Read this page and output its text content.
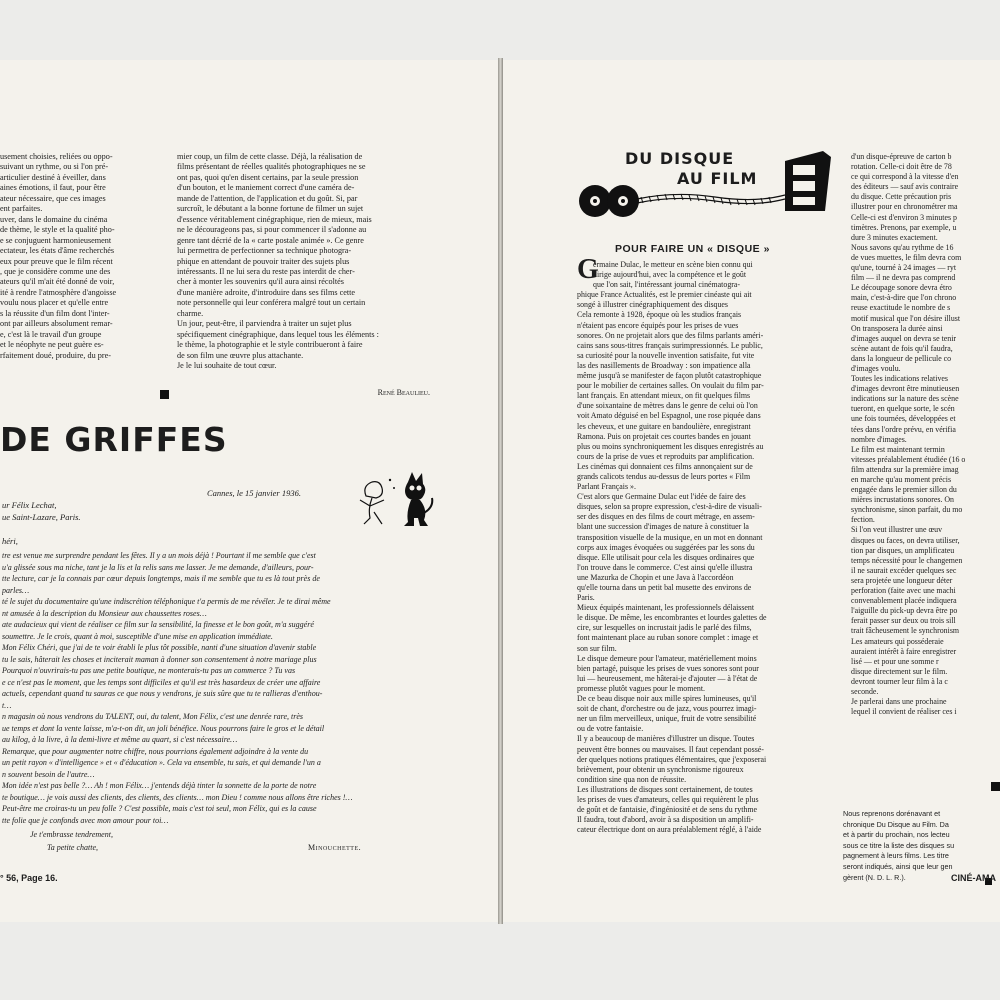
usement choisies, reliées ou oppo-
suivant un rythme, ou si l'on pré-
articulier destiné à éveiller, dans
aines émotions, il faut, pour être
ateur nécessaire, que ces images
ent parfaites.
uver, dans le domaine du cinéma
de thème, le style et la qualité pho-
e se conjuguent harmonieusement
ectateur, les états d'âme recherchés
eux pour preuve que le film récent
, que je considère comme une des
ateurs qu'il m'ait été donné de voir,
ité à rendre l'atmosphère d'angoisse
voulu nous placer et qu'elle entre
s la réussite d'un film dont l'inter-
ont par ailleurs absolument remar-
e, c'est là le travail d'un groupe
et le néophyte ne peut guère es-
rfaitement doué, produire, du pre-
mier coup, un film de cette classe. Déjà, la réalisation de
films présentant de réelles qualités photographiques ne se
ont pas, quoi qu'en disent certains, par la seule pression
d'un bouton, et le maniement correct d'une caméra de-
mande de l'attention, de l'application et du goût. Si, par
surcroît, le débutant a la bonne fortune de filmer un sujet
d'essence véritablement cinégraphique, rien de mieux, mais
ne le décourageons pas, si pour commencer il s'adonne au
genre tant décrié de la « carte postale animée ». Ce genre
lui permettra de perfectionner sa technique photogra-
phique en attendant de pouvoir traiter des sujets plus
intéressants. Il ne lui sera du reste pas interdit de cher-
cher à monter les souvenirs qu'il aura ainsi récoltés
d'une manière adroite, d'introduire dans ses films cette
note personnelle qui leur conférera malgré tout un certain
charme.
Un jour, peut-être, il parviendra à traiter un sujet plus
spécifiquement cinégraphique, dans lequel tous les éléments :
le thème, la photographie et le style contribueront à faire
de son film une œuvre plus attachante.
Je le lui souhaite de tout cœur.
René Beaulieu.
DE GRIFFES
Cannes, le 15 janvier 1936.
ur Félix Lechat,
ue Saint-Lazare, Paris.
héri,
tre est venue me surprendre pendant les fêtes. Il y a un mois déjà ! Pourtant il me semble que c'est
u'a glissée sous ma niche, tant je la lis et la relis sans me lasser. Je me demande, d'ailleurs, pour-
tte lecture, car je la connais par cœur depuis longtemps, mais il me semble que tu es là tout près de
parles…
té le sujet du documentaire qu'une indiscrétion téléphonique t'a permis de me révéler. Je te dirai même
nt amusée à la description du Monsieur aux chaussettes roses…
ate audacieux qui vient de réaliser ce film sur la sensibilité, la finesse et le bon goût, m'a suggéré
soumettre. Je le crois, quant à moi, susceptible d'une mise en application immédiate.
Mon Félix Chéri, que j'ai de te voir établi le plus tôt possible, nanti d'une situation d'avenir stable
tu le sais, hâterait les choses et inciterait maman à donner son consentement à notre mariage plus
Pourquoi n'ouvrirais-tu pas une petite boutique, ne monterais-tu pas un commerce ? Tu vas
e ce n'est pas le moment, que les temps sont difficiles et qu'il est très hasardeux de créer une affaire
actuels, cependant quand tu sauras ce que nous y vendrons, je suis sûre que tu te rallieras d'enthou-
t…
n magasin où nous vendrons du TALENT, oui, du talent, Mon Félix, c'est une denrée rare, très
ue temps et dont la vente laisse, m'a-t-on dit, un joli bénéfice. Nous pourrons faire le gros et le détail
au kilog, à la livre, à la demi-livre et même au quart, si c'est nécessaire…
Remarque, que pour augmenter notre chiffre, nous pourrions également adjoindre à la vente du
un petit rayon « d'intelligence » et « d'éducation ». Cela va ensemble, tu sais, et qui demande l'un a
n souvent besoin de l'autre…
Mon idée n'est pas belle ?… Ah ! mon Félix… j'entends déjà tinter la sonnette de la porte de notre
te boutique… je vois aussi des clients, des clients, des clients… mon Dieu ! comme nous allons être riches !…
Peut-être me croiras-tu un peu folle ? C'est possible, mais c'est toi seul, mon Félix, qui es la cause
tte folie que je confonds avec mon amour pour toi…
Je t'embrasse tendrement,
Ta petite chatte,	Minouchette.
° 56, Page 16.
DU DISQUE
AU FILM
POUR FAIRE UN « DISQUE »
G
ermaine Dulac, le metteur en scène bien connu qui
dirige aujourd'hui, avec la compétence et le goût
que l'on sait, l'intéressant journal cinématogra-
phique France Actualités, est le premier cinéaste qui ait
songé à illustrer cinégraphiquement des disques
Cela remonte à 1928, époque où les studios français
n'étaient pas encore équipés pour les prises de vues
sonores. On ne projetait alors que des films parlants améri-
cains sans sous-titres français surimpressionnés. Le public,
sa curiosité pour la nouvelle invention satisfaite, fut vite
las des nasillements de Broadway : son impatience alla
même jusqu'à se manifester de façon plutôt catastrophique
pour le mobilier de certaines salles. On voulait du film par-
lant français. En attendant mieux, on fit quelques films
d'une soixantaine de mètres dans le genre de celui où l'on
voit Amato déguisé en bel Espagnol, une rose piquée dans
les cheveux, et une guitare en bandoulière, enregistrant
Ramona. Puis on projetait ces courtes bandes en jouant
plus ou moins synchroniquement les disques enregistrés au
cours de la prise de vues et reproduits par amplification.
Les cinémas qui donnaient ces films annonçaient sur de
grands calicots tendus au-dessus de leurs portes « Film
Parlant Français ».
C'est alors que Germaine Dulac eut l'idée de faire des
disques, selon sa propre expression, c'est-à-dire de visuali-
ser des disques en des films de court métrage, en assem-
blant une succession d'images de nature à constituer la
transposition visuelle de la musique, en un mot en donnant
corps aux images évoquées ou suggérées par les sons du
disque. Elle utilisait pour cela les disques ordinaires que
l'on trouve dans le commerce. C'est ainsi qu'elle illustra
une Mazurka de Chopin et une Java à l'accordéon
qu'elle tourna dans un petit bal musette des environs de
Paris.
Mieux équipés maintenant, les professionnels délaissent
le disque. De même, les encombrantes et lourdes galettes de
cire, sur lesquelles on incrustait jadis le parlé des films,
font maintenant place au ruban sonore complet : image et
son sur film.
Le disque demeure pour l'amateur, matériellement moins
bien partagé, puisque les prises de vues sonores sont pour
lui — heureusement, me hâterai-je d'ajouter — à l'état de
promesse plutôt vagues pour le moment.
De ce beau disque noir aux mille spires lumineuses, qu'il
soit de chant, d'orchestre ou de jazz, vous pourrez imagi-
ner un film merveilleux, unique, fruit de votre sensibilité
ou de votre fantaisie.
Il y a beaucoup de manières d'illustrer un disque. Toutes
peuvent être bonnes ou mauvaises. Il faut cependant possé-
der quelques notions pratiques élémentaires, que j'exposerai
brièvement, pour obtenir un synchronisme rigoureux
condition sine qua non de réussite.
Les illustrations de disques sont certainement, de toutes
les prises de vues d'amateurs, celles qui requièrent le plus
de goût et de fantaisie, d'ingéniosité et de sens du rythme
Il faudra, tout d'abord, avoir à sa disposition un amplifi-
cateur électrique dont on aura préalablement réglé, à l'aide
d'un disque-épreuve de carton b
rotation. Celle-ci doit être de 78
ce qui correspond à la vitesse d'en
des éditeurs — sauf avis contraire
du disque. Cette précaution pris
illustrer pour en chronométrer ma
Celle-ci est d'environ 3 minutes p
timètres. Prenons, par exemple, u
dure 3 minutes exactement.
Nous savons qu'au rythme de 16
de vues muettes, le film devra com
qu'une, tourné à 24 images — ryt
film — il ne devra pas comprend
Le découpage sonore devra étro
main, c'est-à-dire que l'on chrono
reuse exactitude le nombre de s
motif musical que l'on désire illust
On transposera la durée ainsi
d'images auquel on devra se tenir
scène autant de fois qu'il faudra,
dans la longueur de pellicule co
d'images voulu.
Toutes les indications relatives
d'images devront être minutieusen
indications sur la nature des scène
tueront, en quelque sorte, le scén
une fois tournées, développées et
tées dans l'ordre prévu, en vérifia
nombre d'images.
Le film est maintenant termin
vitesses préalablement étudiée (16 o
film attendra sur la première imag
en marche qu'au moment précis
engagée dans le premier sillon du
mières incrustations sonores. On
synchronisme, sinon parfait, du mo
fection.
Si l'on veut illustrer une œuv
disques ou faces, on devra utiliser,
tion par disques, un amplificateu
temps nécessité pour le changemen
il ne saurait excéder quelques sec
sera projetée une longueur déter
perforation (faite avec une machi
convenablement placée indiquera
l'aiguille du pick-up devra être po
ferait passer sur deux ou trois sill
trait fâcheusement le synchronism
Les amateurs qui posséderaie
auraient intérêt à faire enregistrer
lisé — et pour une somme r
disque directement sur le film.
devront tourner leur film à la c
seconde.
Je parlerai dans une prochaine
lequel il convient de réaliser ces i
Nous reprenons dorénavant et
chronique Du Disque au Film. Da
et à partir du prochain, nos lecteu
sous ce titre la liste des disques su
pagnement à leurs films. Les titre
seront indiqués, ainsi que leur gen
gèrent (N. D. L. R.).	CINÉ-AMA
